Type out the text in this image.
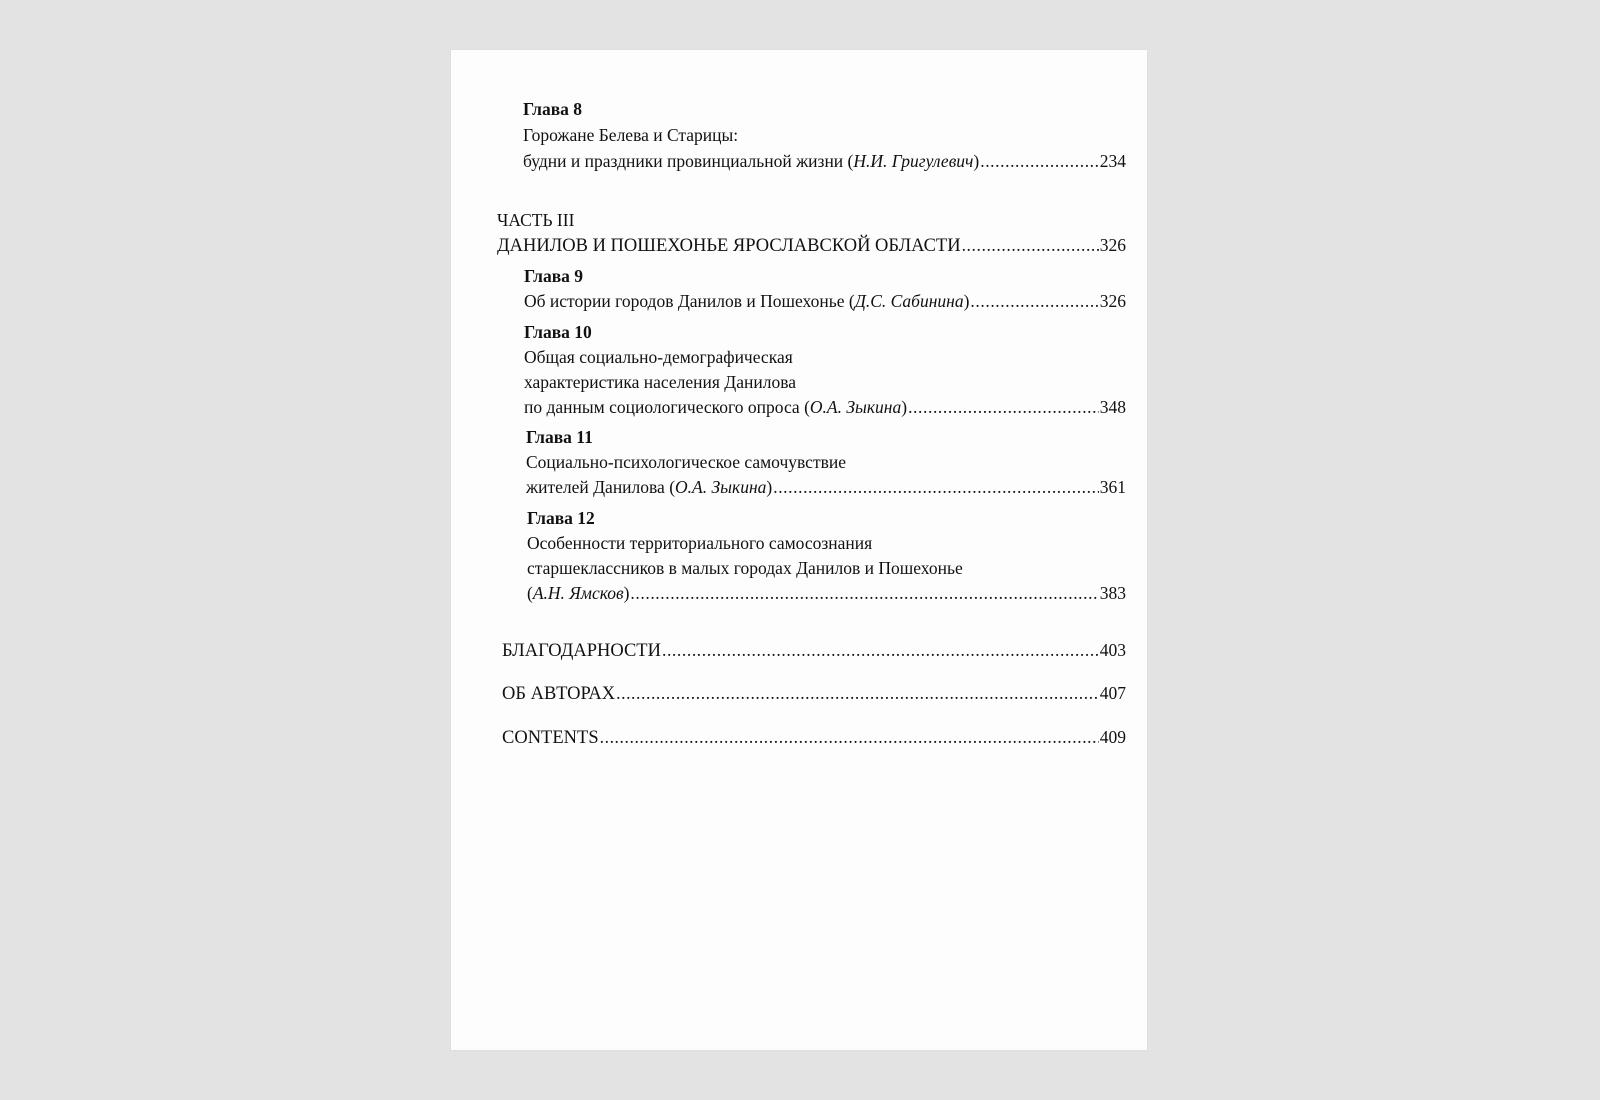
Глава 8
Горожане Белева и Старицы:
будни и праздники провинциальной жизни (Н.И. Григулевич) .....	234
ЧАСТЬ III
ДАНИЛОВ И ПОШЕХОНЬЕ ЯРОСЛАВСКОЙ ОБЛАСТИ .....	326
Глава 9
Об истории городов Данилов и Пошехонье (Д.С. Сабинина) .....	326
Глава 10
Общая социально-демографическая
характеристика населения Данилова
по данным социологического опроса (О.А. Зыкина) .....	348
Глава 11
Социально-психологическое самочувствие
жителей Данилова (О.А. Зыкина) .....	361
Глава 12
Особенности территориального самосознания
старшеклассников в малых городах Данилов и Пошехонье
(А.Н. Ямсков) .....	383
БЛАГОДАРНОСТИ .....	403
ОБ АВТОРАХ .....	407
CONTENTS .....	409
